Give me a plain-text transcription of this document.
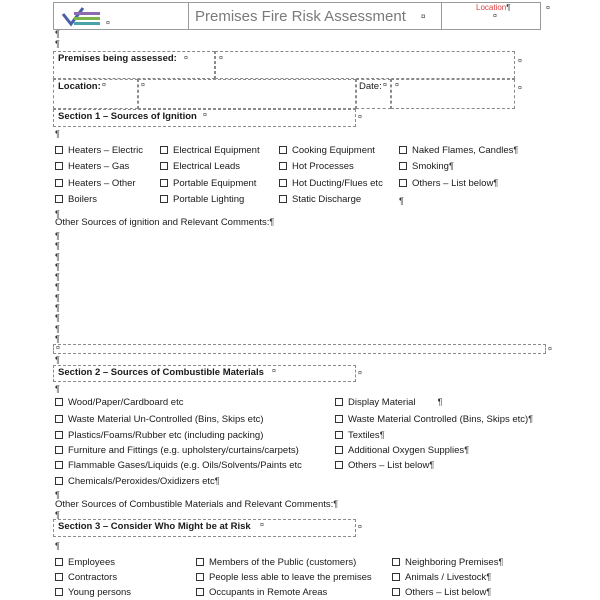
¤	Premises Fire Risk Assessment ¤
Location¶
¤
¤
¶
¶
Premises being assessed: ¤	¤	¤
Location: ¤	¤	Date: ¤ ¤	¤
Section 1 – Sources of Ignition ¤	¤
¶
Heaters – Electric
Heaters – Gas
Heaters – Other
Boilers
Electrical Equipment
Electrical Leads
Portable Equipment
Portable Lighting
Cooking Equipment
Hot Processes
Hot Ducting/Flues etc
Static Discharge
Naked Flames, Candles¶
Smoking¶
Others – List below¶
¶
¶
Other Sources of ignition and Relevant Comments:¶
¶
¶
¶
¶
¶
¶
¶
¶
¶
¶
¶
¤	¤
¶
Section 2 – Sources of Combustible Materials ¤	¤
¶
Wood/Paper/Cardboard etc
Waste Material Un-Controlled (Bins, Skips etc)
Plastics/Foams/Rubber etc (including packing)
Furniture and Fittings (e.g. upholstery/curtains/carpets)
Flammable Gases/Liquids (e.g. Oils/Solvents/Paints etc
Chemicals/Peroxides/Oxidizers etc¶
Display Material ¶
Waste Material Controlled (Bins, Skips etc)¶
Textiles¶
Additional Oxygen Supplies¶
Others – List below¶
¶
Other Sources of Combustible Materials and Relevant Comments:¶
¶
Section 3 – Consider Who Might be at Risk ¤	¤
¶
Employees
Contractors
Young persons
Members of the Public (customers)
People less able to leave the premises
Occupants in Remote Areas
Neighboring Premises¶
Animals / Livestock¶
Others – List below¶
